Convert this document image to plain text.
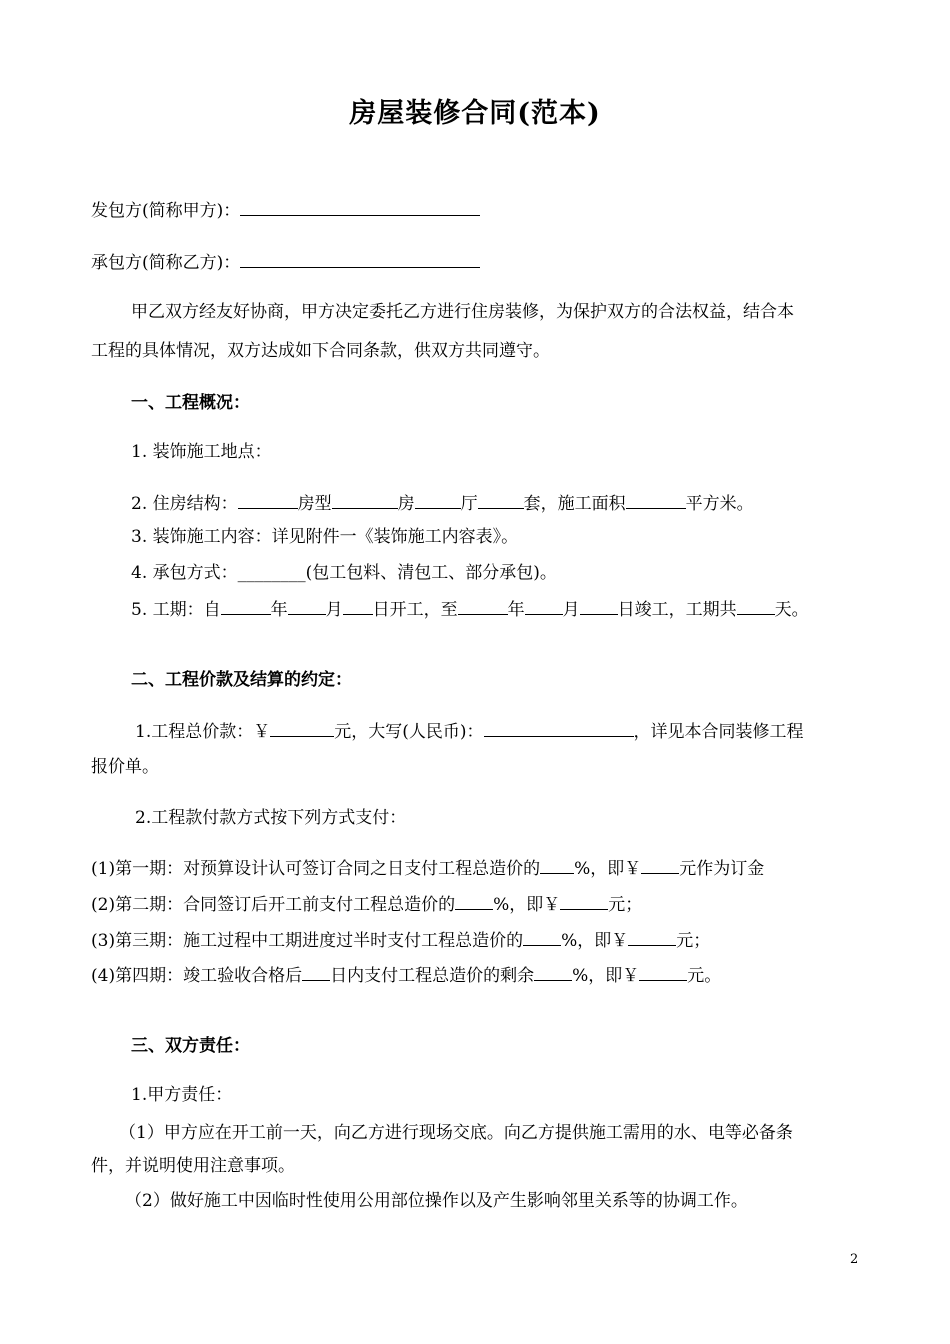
房屋装修合同(范本)
发包方(简称甲方)：
承包方(简称乙方)：
甲乙双方经友好协商，甲方决定委托乙方进行住房装修，为保护双方的合法权益，结合本
工程的具体情况，双方达成如下合同条款，供双方共同遵守。
一、工程概况：
1. 装饰施工地点：
2. 住房结构：	房型	房	厅	套，施工面积	平方米。
3. 装饰施工内容：详见附件一《装饰施工内容表》。
4. 承包方式：________(包工包料、清包工、部分承包)。
5. 工期：自	年 月 日开工，至	年 月 日竣工，工期共 天。
二、工程价款及结算的约定：
1.工程总价款：￥	元，大写(人民币)：	，详见本合同装修工程
报价单。
2.工程款付款方式按下列方式支付：
(1)第一期：对预算设计认可签订合同之日支付工程总造价的 %，即￥ 元作为订金
(2)第二期：合同签订后开工前支付工程总造价的 %，即￥	元；
(3)第三期：施工过程中工期进度过半时支付工程总造价的 %，即￥	元；
(4)第四期：竣工验收合格后 日内支付工程总造价的剩余 %，即￥	元。
三、双方责任：
1.甲方责任：
（1）甲方应在开工前一天，向乙方进行现场交底。向乙方提供施工需用的水、电等必备条
件，并说明使用注意事项。
（2）做好施工中因临时性使用公用部位操作以及产生影响邻里关系等的协调工作。
2
